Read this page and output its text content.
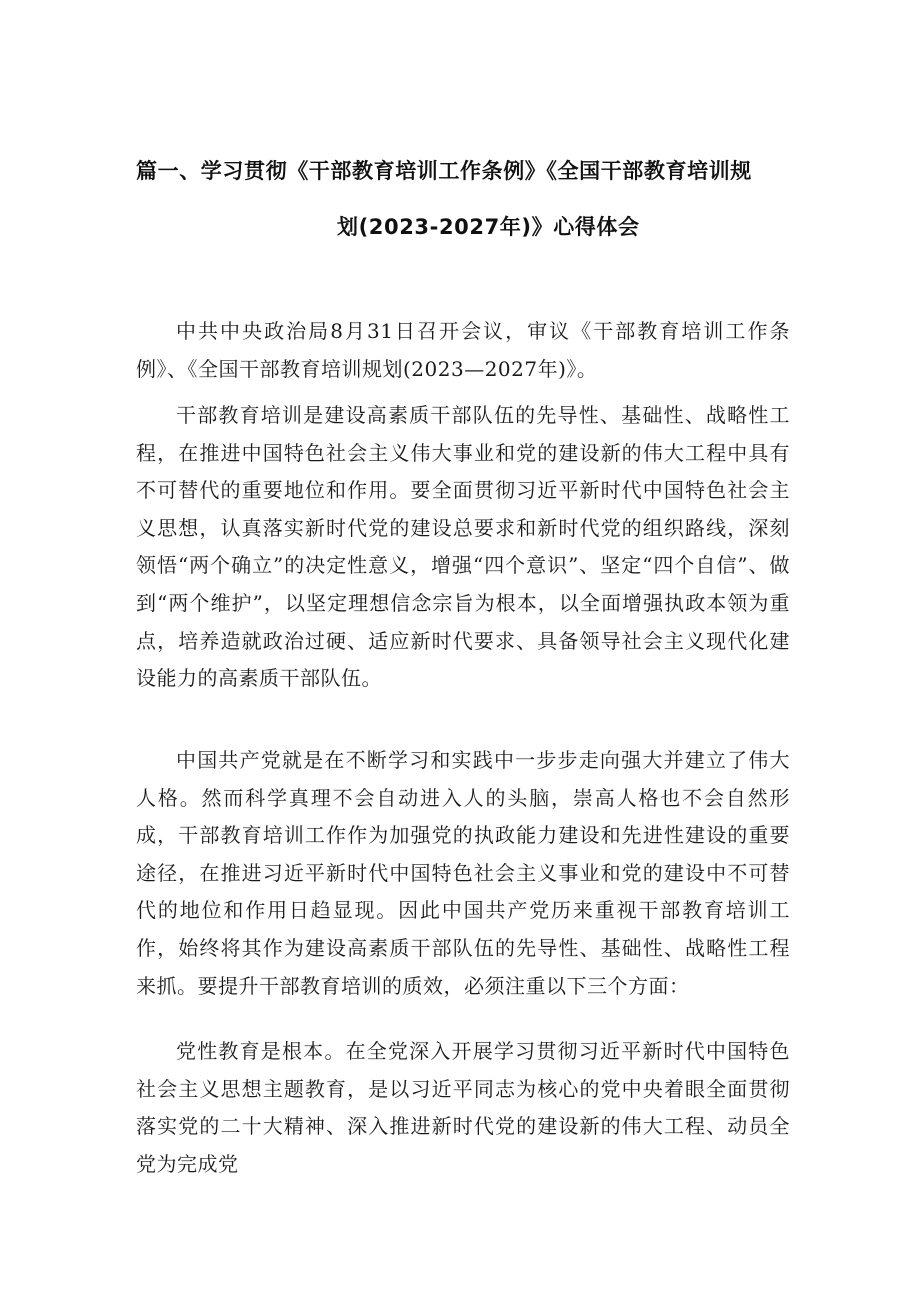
篇一、学习贯彻《干部教育培训工作条例》《全国干部教育培训规
划(2023-2027年)》心得体会

中共中央政治局8月31日召开会议，审议《干部教育培训工作条例》、《全国干部教育培训规划(2023—2027年)》。

干部教育培训是建设高素质干部队伍的先导性、基础性、战略性工程，在推进中国特色社会主义伟大事业和党的建设新的伟大工程中具有不可替代的重要地位和作用。要全面贯彻习近平新时代中国特色社会主义思想，认真落实新时代党的建设总要求和新时代党的组织路线，深刻领悟“两个确立”的决定性意义，增强“四个意识”、坚定“四个自信”、做到“两个维护”，以坚定理想信念宗旨为根本，以全面增强执政本领为重点，培养造就政治过硬、适应新时代要求、具备领导社会主义现代化建设能力的高素质干部队伍。

中国共产党就是在不断学习和实践中一步步走向强大并建立了伟大人格。然而科学真理不会自动进入人的头脑，崇高人格也不会自然形成，干部教育培训工作作为加强党的执政能力建设和先进性建设的重要途径，在推进习近平新时代中国特色社会主义事业和党的建设中不可替代的地位和作用日趋显现。因此中国共产党历来重视干部教育培训工作，始终将其作为建设高素质干部队伍的先导性、基础性、战略性工程来抓。要提升干部教育培训的质效，必须注重以下三个方面：

党性教育是根本。在全党深入开展学习贯彻习近平新时代中国特色社会主义思想主题教育，是以习近平同志为核心的党中央着眼全面贯彻落实党的二十大精神、深入推进新时代党的建设新的伟大工程、动员全党为完成党
